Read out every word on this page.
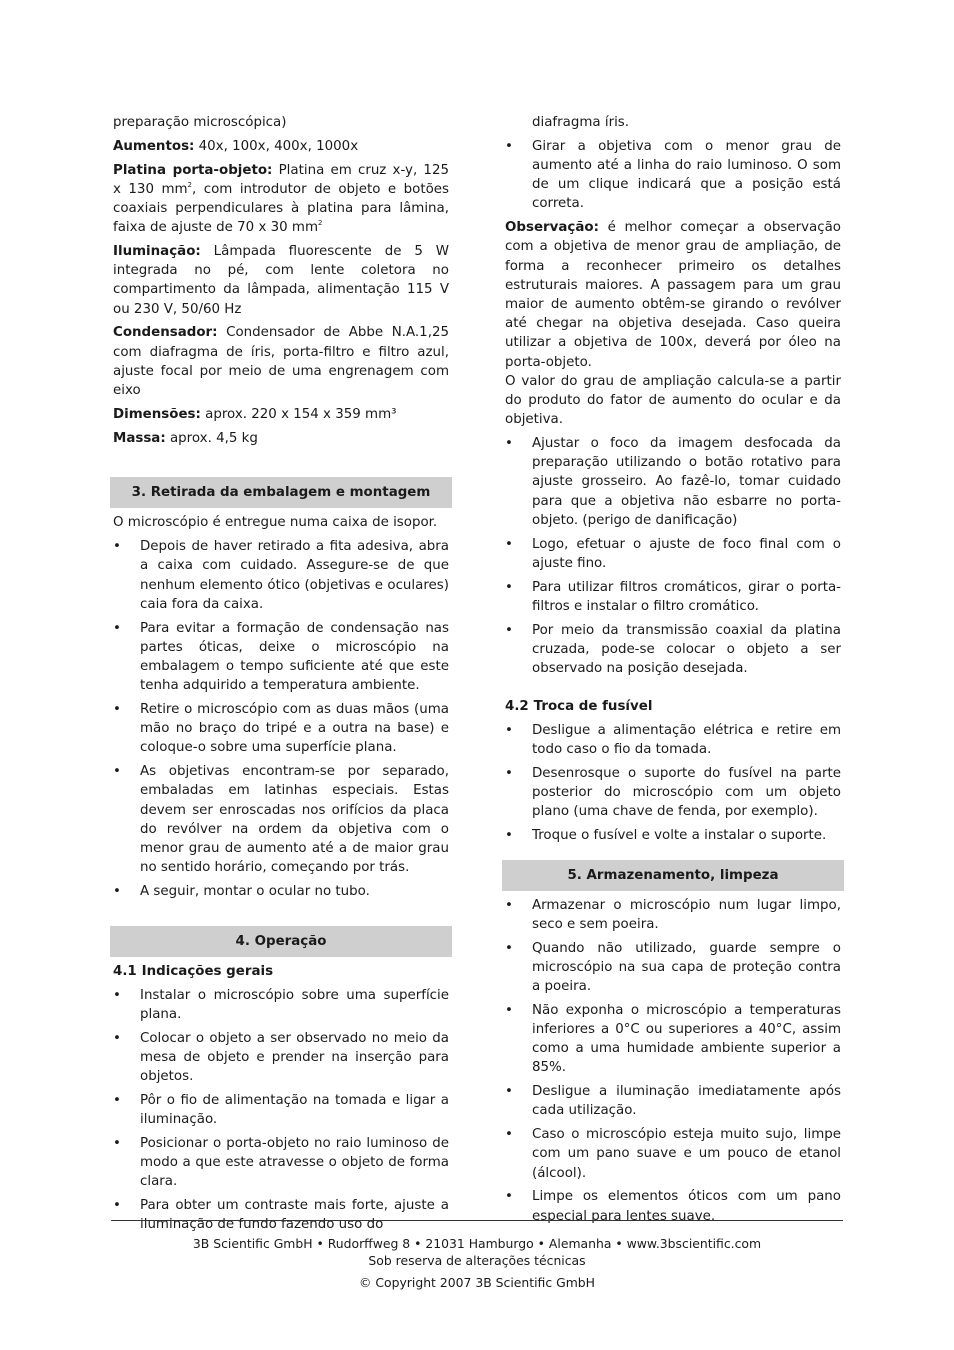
preparação microscópica)

Aumentos: 40x, 100x, 400x, 1000x

Platina porta-objeto: Platina em cruz x-y, 125 x 130 $mm^2$, com introdutor de objeto e botões coaxiais perpendiculares à platina para lâmina, faixa de ajuste de 70 x 30 $mm^2$

Iluminação: Lâmpada fluorescente de 5 W integrada no pé, com lente coletora no compartimento da lâmpada, alimentação 115 V ou 230 V, 50/60 Hz

Condensador: Condensador de Abbe N.A.1,25 com diafragma de íris, porta-filtro e filtro azul, ajuste focal por meio de uma engrenagem com eixo

Dimensões: aprox. 220 x 154 x 359 mm³

Massa: aprox. 4,5 kg

3. Retirada da embalagem e montagem

O microscópio é entregue numa caixa de isopor.

• Depois de haver retirado a fita adesiva, abra a caixa com cuidado. Assegure-se de que nenhum elemento ótico (objetivas e oculares) caia fora da caixa.
• Para evitar a formação de condensação nas partes óticas, deixe o microscópio na embalagem o tempo suficiente até que este tenha adquirido a temperatura ambiente.
• Retire o microscópio com as duas mãos (uma mão no braço do tripé e a outra na base) e coloque-o sobre uma superfície plana.
• As objetivas encontram-se por separado, embaladas em latinhas especiais. Estas devem ser enroscadas nos orifícios da placa do revólver na ordem da objetiva com o menor grau de aumento até a de maior grau no sentido horário, começando por trás.
• A seguir, montar o ocular no tubo.
4. Operação
4.1 Indicações gerais
• Instalar o microscópio sobre uma superfície plana.
• Colocar o objeto a ser observado no meio da mesa de objeto e prender na inserção para objetos.
• Pôr o fio de alimentação na tomada e ligar a iluminação.
• Posicionar o porta-objeto no raio luminoso de modo a que este atravesse o objeto de forma clara.
• Para obter um contraste mais forte, ajuste a iluminação de fundo fazendo uso do
diafragma íris.
• Girar a objetiva com o menor grau de aumento até a linha do raio luminoso. O som de um clique indicará que a posição está correta.

Observação: é melhor começar a observação com a objetiva de menor grau de ampliação, de forma a reconhecer primeiro os detalhes estruturais maiores. A passagem para um grau maior de aumento obtêm-se girando o revólver até chegar na objetiva desejada. Caso queira utilizar a objetiva de 100x, deverá por óleo na porta-objeto.

O valor do grau de ampliação calcula-se a partir do produto do fator de aumento do ocular e da objetiva.

• Ajustar o foco da imagem desfocada da preparação utilizando o botão rotativo para ajuste grosseiro. Ao fazê-lo, tomar cuidado para que a objetiva não esbarre no porta-objeto. (perigo de danificação)
• Logo, efetuar o ajuste de foco final com o ajuste fino.
• Para utilizar filtros cromáticos, girar o porta-filtros e instalar o filtro cromático.
• Por meio da transmissão coaxial da platina cruzada, pode-se colocar o objeto a ser observado na posição desejada.
4.2 Troca de fusível
• Desligue a alimentação elétrica e retire em todo caso o fio da tomada.
• Desenrosque o suporte do fusível na parte posterior do microscópio com um objeto plano (uma chave de fenda, por exemplo).
• Troque o fusível e volte a instalar o suporte.
5. Armazenamento, limpeza
• Armazenar o microscópio num lugar limpo, seco e sem poeira.
• Quando não utilizado, guarde sempre o microscópio na sua capa de proteção contra a poeira.
• Não exponha o microscópio a temperaturas inferiores a 0°C ou superiores a 40°C, assim como a uma humidade ambiente superior a 85%.
• Desligue a iluminação imediatamente após cada utilização.
• Caso o microscópio esteja muito sujo, limpe com um pano suave e um pouco de etanol (álcool).
• Limpe os elementos óticos com um pano especial para lentes suave.
3B Scientific GmbH • Rudorffweg 8 • 21031 Hamburgo • Alemanha • www.3bscientific.com
Sob reserva de alterações técnicas
© Copyright 2007 3B Scientific GmbH
